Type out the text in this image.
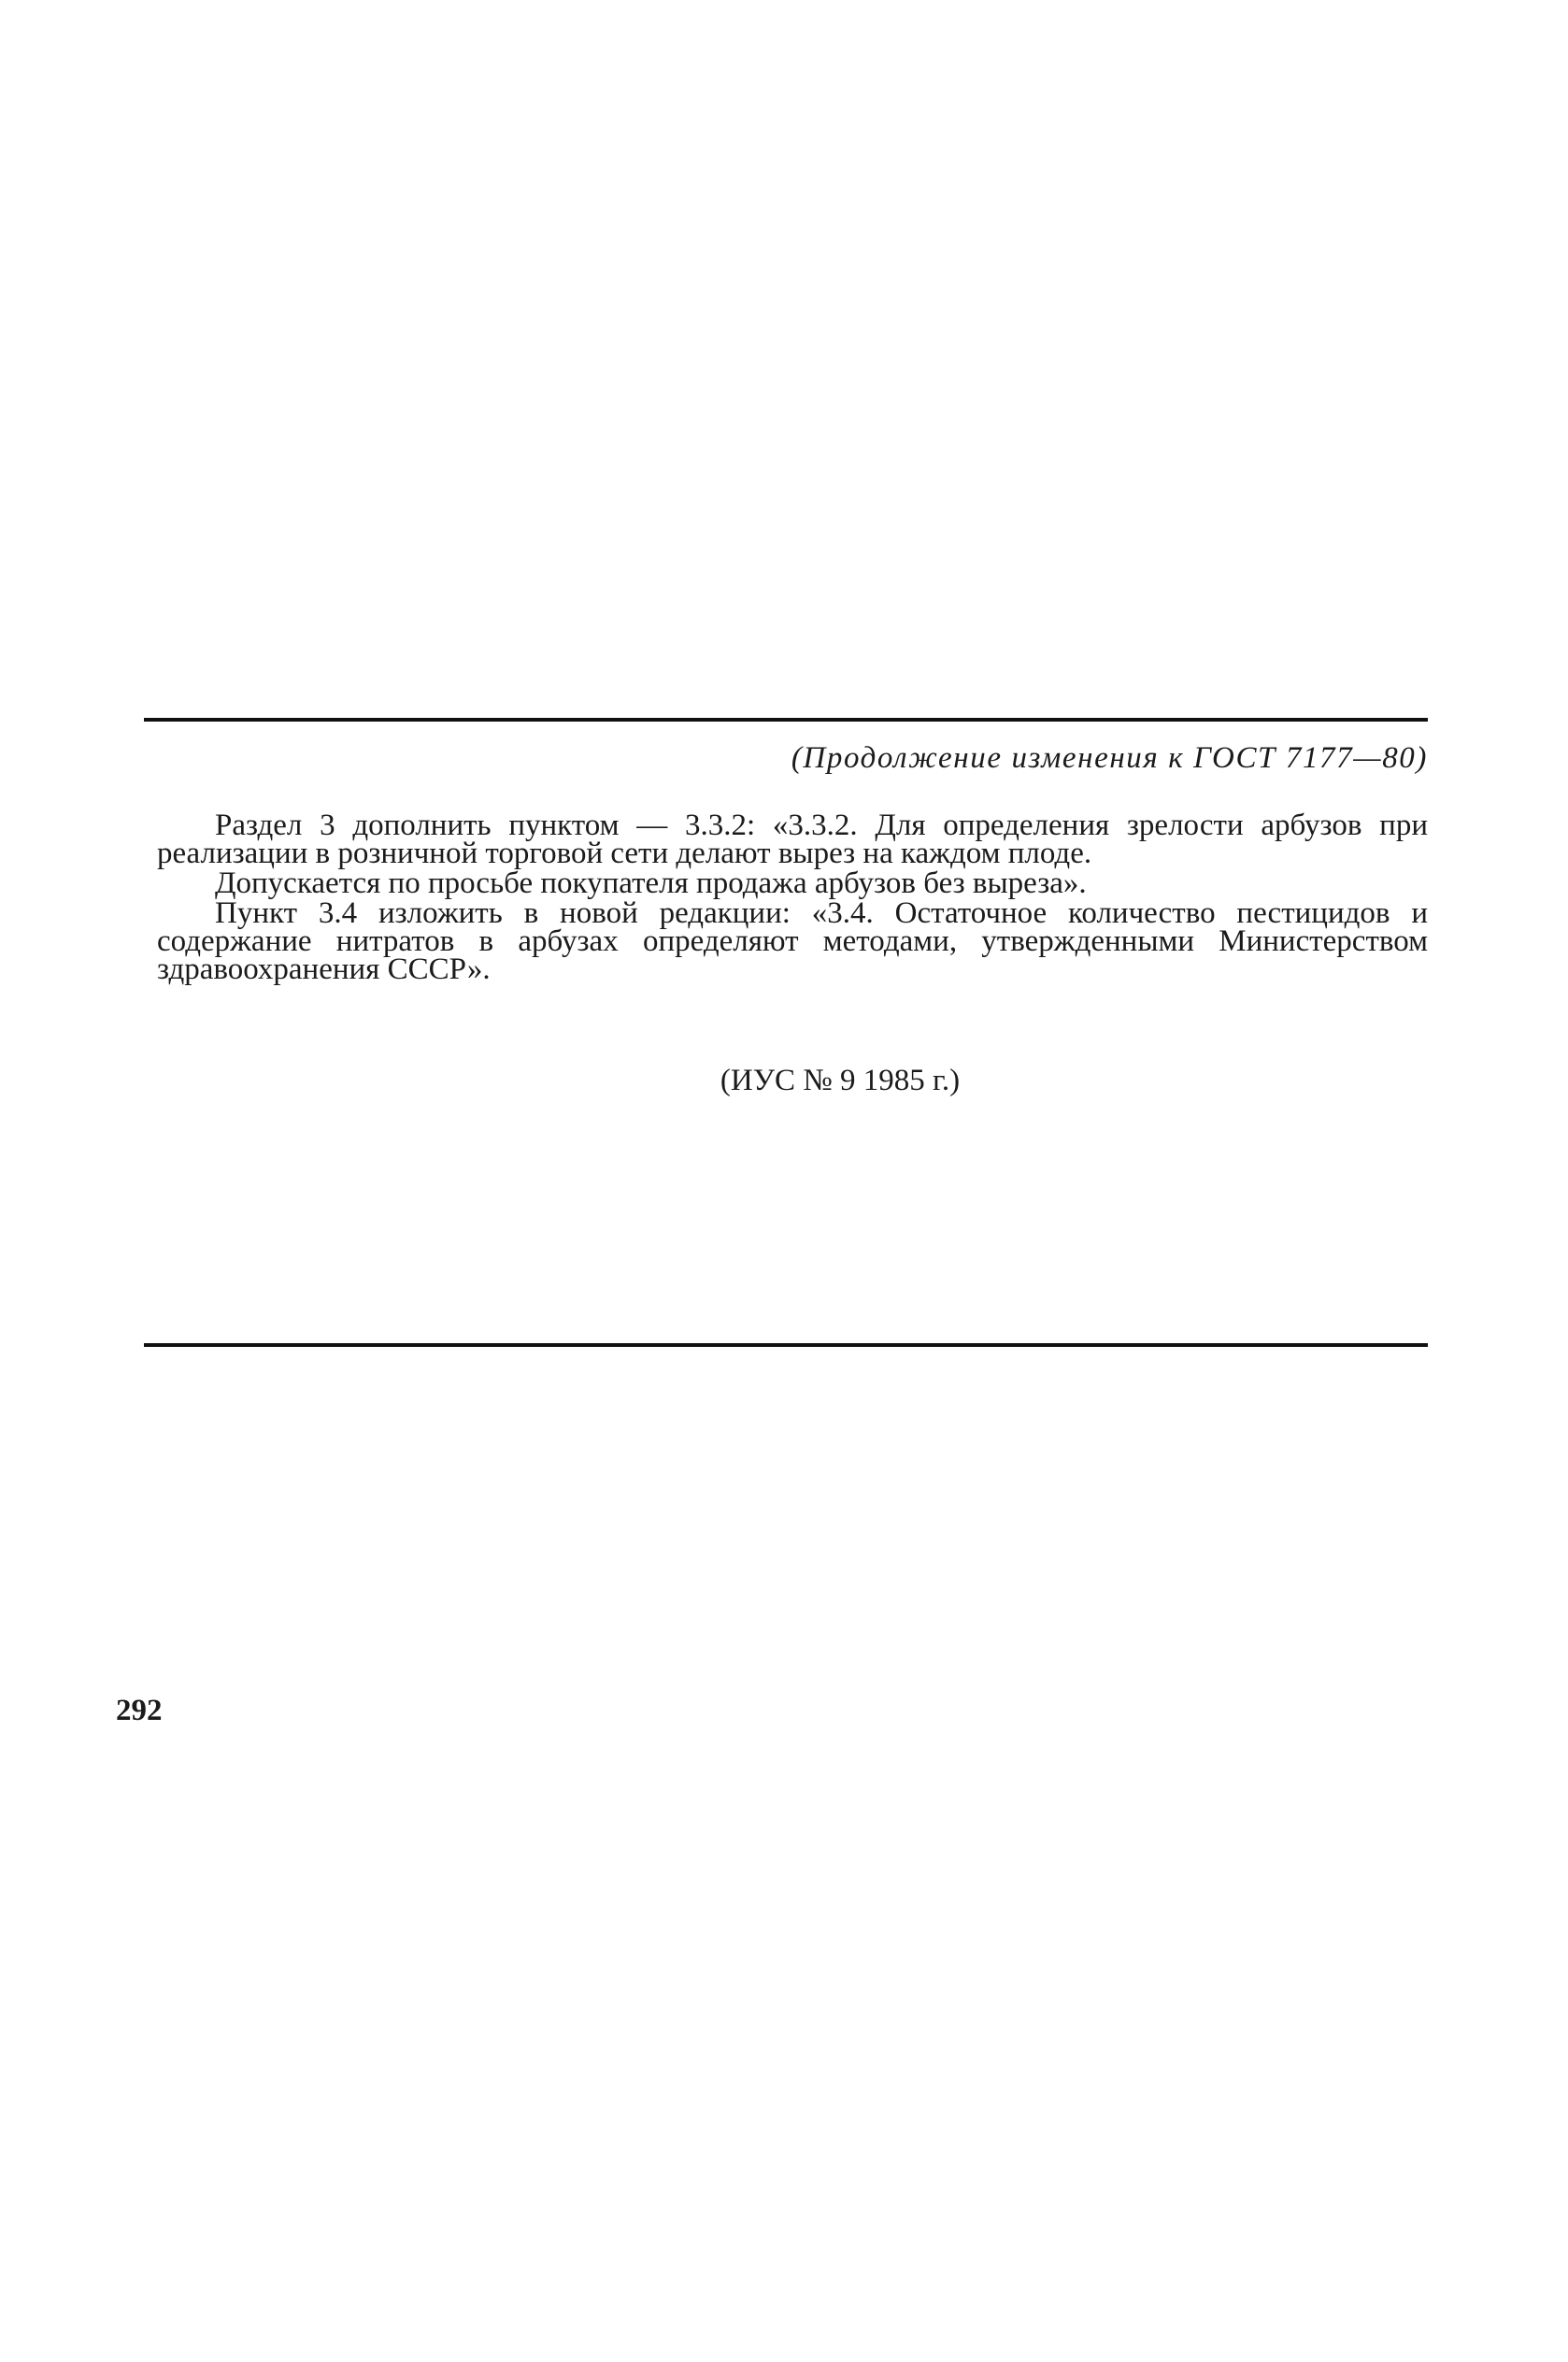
(Продолжение изменения к ГОСТ 7177—80)

Раздел 3 дополнить пунктом — 3.3.2: «3.3.2. Для определения зрелости арбузов при реализации в розничной торговой сети делают вырез на каждом плоде.

Допускается по просьбе покупателя продажа арбузов без выреза».

Пункт 3.4 изложить в новой редакции: «3.4. Остаточное количество пестицидов и содержание нитратов в арбузах определяют методами, утвержденными Министерством здравоохранения СССР».

(ИУС № 9 1985 г.)
292
